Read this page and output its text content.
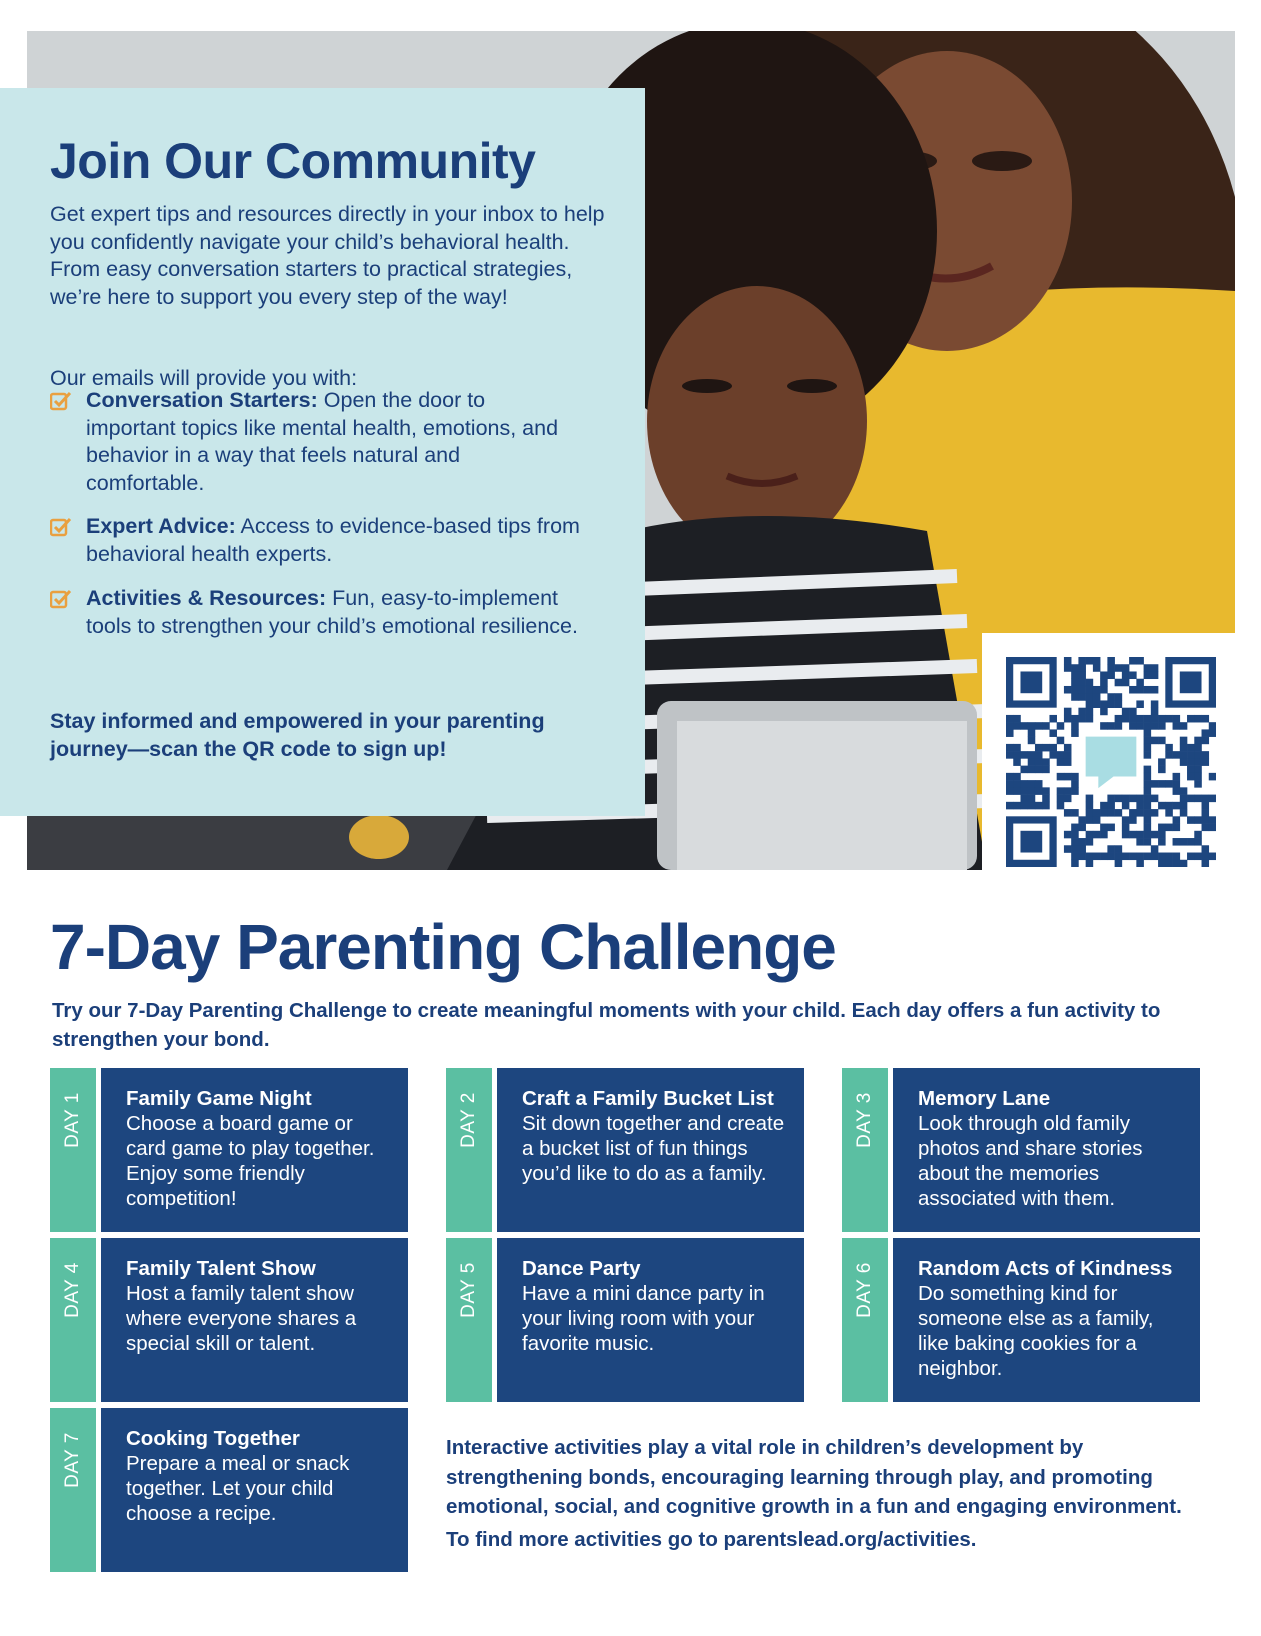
Join Our Community

Get expert tips and resources directly in your inbox to help you confidently navigate your child’s behavioral health. From easy conversation starters to practical strategies, we’re here to support you every step of the way!

Our emails will provide you with:

Conversation Starters: Open the door to important topics like mental health, emotions, and behavior in a way that feels natural and comfortable.
Expert Advice: Access to evidence-based tips from behavioral health experts.
Activities & Resources: Fun, easy-to-implement tools to strengthen your child’s emotional resilience.

Stay informed and empowered in your parenting journey—scan the QR code to sign up!

7-Day Parenting Challenge

Try our 7-Day Parenting Challenge to create meaningful moments with your child. Each day offers a fun activity to strengthen your bond.

DAY 1 Family Game Night

Choose a board game or card game to play together. Enjoy some friendly competition!

DAY 2 Craft a Family Bucket List

Sit down together and create a bucket list of fun things you’d like to do as a family.

DAY 3 Memory Lane

Look through old family photos and share stories about the memories associated with them.

DAY 4 Family Talent Show

Host a family talent show where everyone shares a special skill or talent.

DAY 5 Dance Party

Have a mini dance party in your living room with your favorite music.

DAY 6 Random Acts of Kindness

Do something kind for someone else as a family, like baking cookies for a neighbor.

DAY 7 Cooking Together

Prepare a meal or snack together. Let your child choose a recipe.

Interactive activities play a vital role in children’s development by strengthening bonds, encouraging learning through play, and promoting emotional, social, and cognitive growth in a fun and engaging environment.

To find more activities go to parentslead.org/activities.
